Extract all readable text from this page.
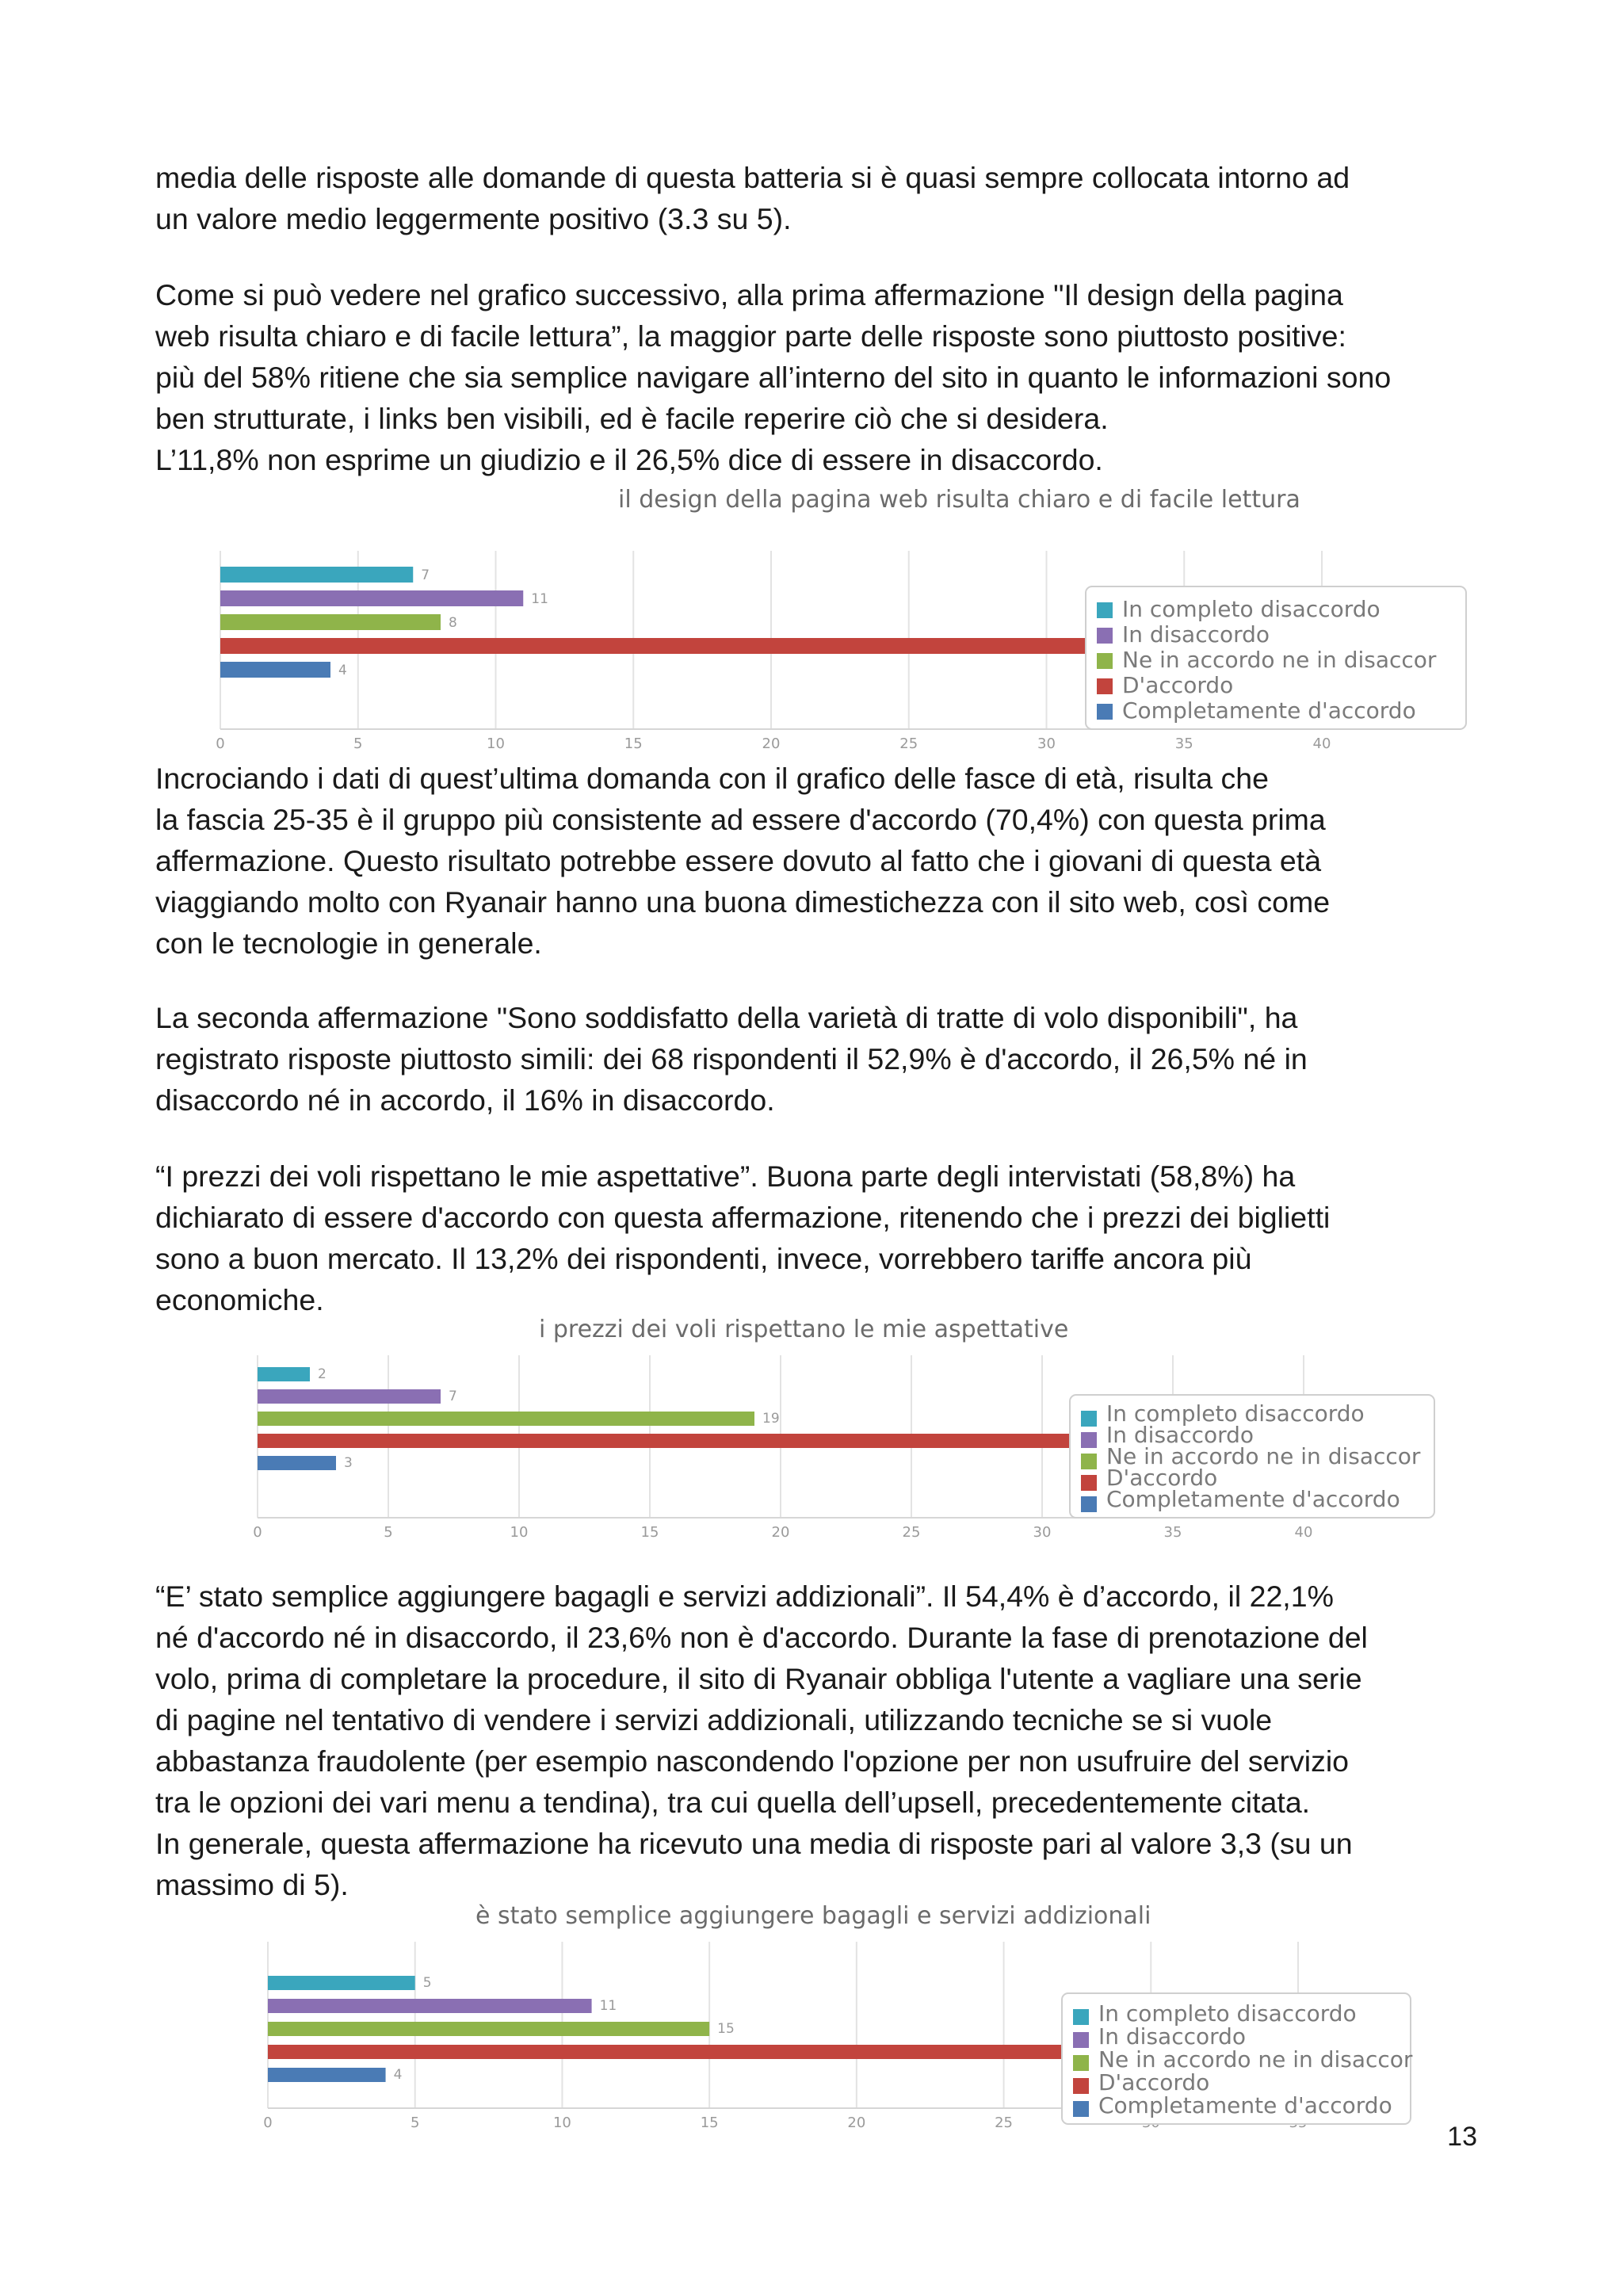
media delle risposte alle domande di questa batteria si è quasi sempre collocata intorno ad
un valore medio leggermente positivo (3.3 su 5).
Come si può vedere nel grafico successivo, alla prima affermazione "Il design della pagina
web risulta chiaro e di facile lettura”, la maggior parte delle risposte sono piuttosto positive:
più del 58% ritiene che sia semplice navigare all’interno del sito in quanto le informazioni sono
ben strutturate, i links ben visibili, ed è facile reperire ciò che si desidera.
L’11,8% non esprime un giudizio e il 26,5% dice di essere in disaccordo.
il design della pagina web risulta chiaro e di facile lettura
0	5	10	15	20	25	30	35	40
7
11
8
4
In completo disaccordo
In disaccordo
Ne in accordo ne in disaccor
D'accordo
Completamente d'accordo
Incrociando i dati di quest’ultima domanda con il grafico delle fasce di età, risulta che
la fascia 25-35 è il gruppo più consistente ad essere d'accordo (70,4%) con questa prima
affermazione. Questo risultato potrebbe essere dovuto al fatto che i giovani di questa età
viaggiando molto con Ryanair hanno una buona dimestichezza con il sito web, così come
con le tecnologie in generale.
La seconda affermazione "Sono soddisfatto della varietà di tratte di volo disponibili", ha
registrato risposte piuttosto simili: dei 68 rispondenti il 52,9% è d'accordo, il 26,5% né in
disaccordo né in accordo, il 16% in disaccordo.
“I prezzi dei voli rispettano le mie aspettative”. Buona parte degli intervistati (58,8%) ha
dichiarato di essere d'accordo con questa affermazione, ritenendo che i prezzi dei biglietti
sono a buon mercato. Il 13,2% dei rispondenti, invece, vorrebbero tariffe ancora più
economiche.
i prezzi dei voli rispettano le mie aspettative
0	5	10	15	20	25	30	35	40
2
7
19
3
In completo disaccordo
In disaccordo
Ne in accordo ne in disaccor
D'accordo
Completamente d'accordo
“E’ stato semplice aggiungere bagagli e servizi addizionali”. Il 54,4% è d’accordo, il 22,1%
né d'accordo né in disaccordo, il 23,6% non è d'accordo. Durante la fase di prenotazione del
volo, prima di completare la procedure, il sito di Ryanair obbliga l'utente a vagliare una serie
di pagine nel tentativo di vendere i servizi addizionali, utilizzando tecniche se si vuole
abbastanza fraudolente (per esempio nascondendo l'opzione per non usufruire del servizio
tra le opzioni dei vari menu a tendina), tra cui quella dell’upsell, precedentemente citata.
In generale, questa affermazione ha ricevuto una media di risposte pari al valore 3,3 (su un
massimo di 5).
è stato semplice aggiungere bagagli e servizi addizionali
0	5	10	15	20	25
5
11
15
4
In completo disaccordo
In disaccordo
Ne in accordo ne in disaccor
D'accordo
Completamente d'accordo
13
